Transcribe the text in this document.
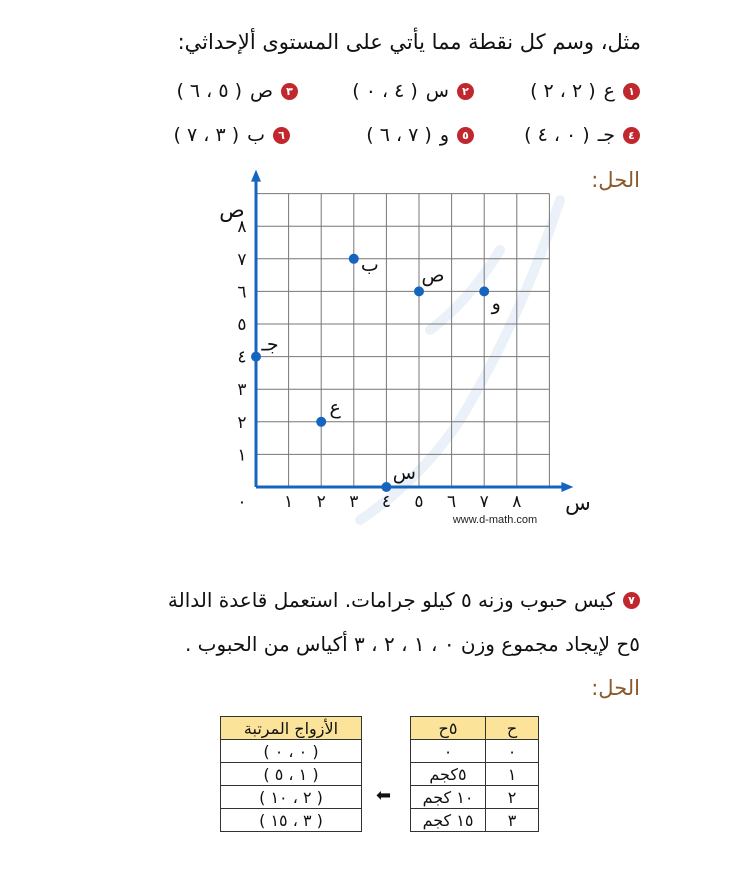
مثل، وسم كل نقطة مما يأتي على المستوى ألإحداثي:
١
ع
( ٢ ، ٢ )
٢
س
( ٤ ، ٠ )
٣
ص
( ٥ ، ٦ )
٤
جـ
( ٠ ، ٤ )
٥
و
( ٧ ، ٦ )
٦
ب
( ٣ ، ٧ )
الحل:
٠ ١ ٢ ٣ ٤ ٥ ٦ ٧ ٨
١
٢
٣
٤
٥
٦
٧
٨
ع
س
ص
جـ
و
ب
س
ص
www.d-math.com
٧
كيس حبوب وزنه ٥ كيلو جرامات. استعمل قاعدة الدالة
٥ح لإيجاد مجموع وزن ٠ ، ١ ، ٢ ، ٣ أكياس من الحبوب .
الحل:
ح	٥ح
٠	٠
١	٥كجم
٢	١٠ كجم
٣	١٥ كجم
⬅
الأزواج المرتبة
( ٠ ، ٠ )
( ١ ، ٥ )
( ٢ ، ١٠ )
( ٣ ، ١٥ )
